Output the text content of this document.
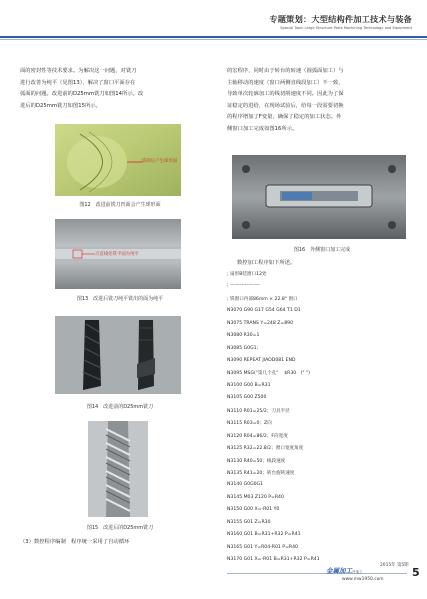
专题策划：大型结构件加工技术与装备
Special Topic Large Structure Parts Machining Technology and Equipment

面的密封性等技术要求。为解决这一问题，对铣刀

进行改善为纯平（见图13），解决了窗口平面存在

弧面的问题。改进前的D25mm铣刀如图14所示。改

进后的D25mm铣刀如图15所示。

铣削后产生球形面
图12　改进前铣刀凹面会产生球形面
刃直线处铣平面为纯平
图13　改进后铣刀纯平铣出的面为纯平
图14　改进前的D25mm铣刀
图15　改进后的D25mm铣刀

（3）数控程序编制　程序统一采用了自动循环

的宏程序，同时由于转台的转速（圆弧面加工）与

主轴移动的速度（窗口两侧直线段加工）不一致，

导致单次轮廓加工的线切削速度不同。因此为了保

证稳定的进给，在现场试验后，给每一段需要切换

的程序增加了F变量，确保了稳定的加工状态。外

侧窗口加工完成如图16所示。

图16　外侧窗口加工完成

数控加工程序如下所述。

; 扇形B装窗口12处
; ------------------
; 铣窗口内部86mm × 22.8° 窗口
N3070 G90 G17 G54 G64 T1 D1
N3075 TRANS Y=248 Z=890
N3080 R30=1
N3085 G0G1;
N3090 REPEAT JIAOD081 END
N3095 MSG("第几个孔"    $R30   (" ")
N3100 G00 B=R31
N3105 G00 Z500
N3110 R01=25/2；刀具半径
N3115 R03=0；Z向
N3120 R04=86/2；F向宽度
N3125 R32=22.8/2；窗口宽度角度
N3130 R40=50；线段速度
N3135 R41=20；转台旋转速度
N3140 G0G0G1
N3145 M03 Z120 P=R40
N3150 G00 X=-R01 Y0
N3155 G01 Z=R30
N3160 G01 B=R31+R32 P=R41
N3165 G01 Y=R04-R01 P=R40
N3170 G01 X=-R01 B=R31+R32 P=R41
2015年 第5期
金属加工冷加工
www.mw1950.com
5
